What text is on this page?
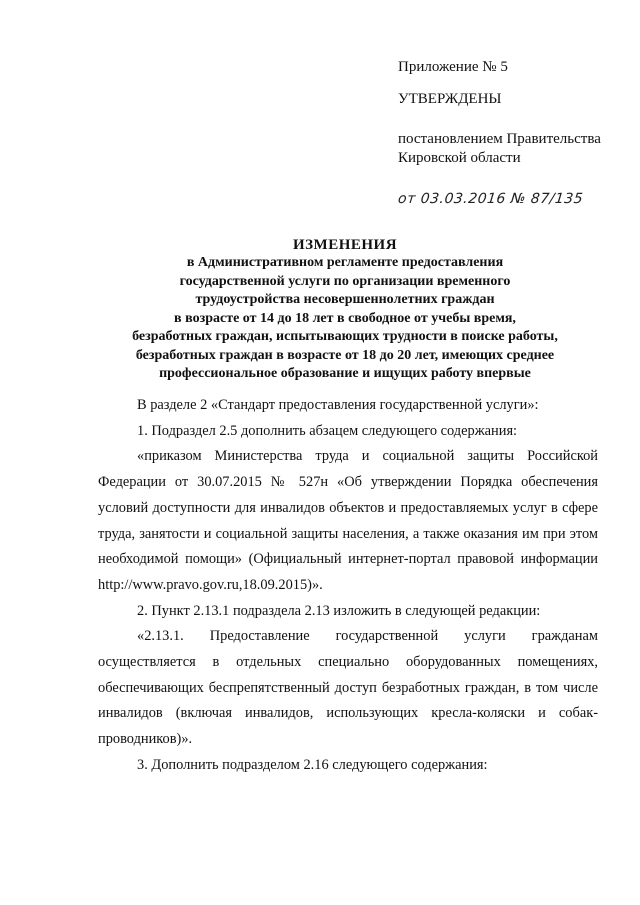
Приложение № 5
УТВЕРЖДЕНЫ
постановлением Правительства
Кировской области
от 03.03.2016 № 87/135
ИЗМЕНЕНИЯ
в Административном регламенте предоставления
государственной услуги по организации временного
трудоустройства несовершеннолетних граждан
в возрасте от 14 до 18 лет в свободное от учебы время,
безработных граждан, испытывающих трудности в поиске работы,
безработных граждан в возрасте от 18 до 20 лет, имеющих среднее
профессиональное образование и ищущих работу впервые

В разделе 2 «Стандарт предоставления государственной услуги»:

1. Подраздел 2.5 дополнить абзацем следующего содержания:

«приказом Министерства труда и социальной защиты Российской Федерации от 30.07.2015 № 527н «Об утверждении Порядка обеспечения условий доступности для инвалидов объектов и предоставляемых услуг в сфере труда, занятости и социальной защиты населения, а также оказания им при этом необходимой помощи» (Официальный интернет-портал правовой информации http://www.pravo.gov.ru,18.09.2015)».

2. Пункт 2.13.1 подраздела 2.13 изложить в следующей редакции:

«2.13.1. Предоставление государственной услуги гражданам осуществляется в отдельных специально оборудованных помещениях, обеспечивающих беспрепятственный доступ безработных граждан, в том числе инвалидов (включая инвалидов, использующих кресла-коляски и собак-проводников)».

3. Дополнить подразделом 2.16 следующего содержания:
